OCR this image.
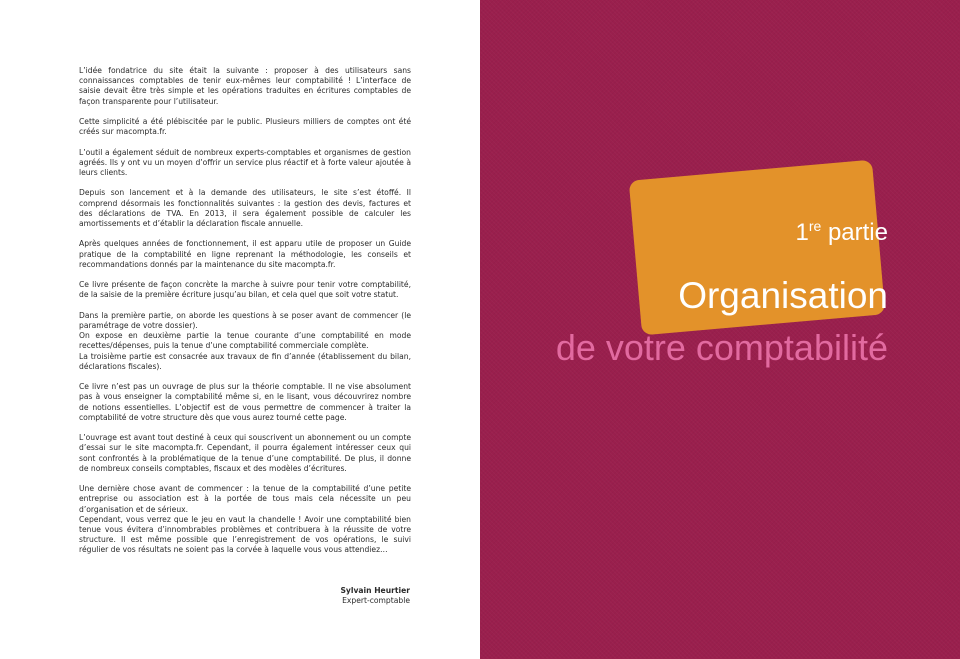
L’idée fondatrice du site était la suivante : proposer à des utilisateurs sans connaissances comptables de tenir eux-mêmes leur comptabilité ! L’interface de saisie devait être très simple et les opérations traduites en écritures comptables de façon transparente pour l’utilisateur.

Cette simplicité a été plébiscitée par le public. Plusieurs milliers de comptes ont été créés sur macompta.fr.

L’outil a également séduit de nombreux experts-comptables et organismes de gestion agréés. Ils y ont vu un moyen d’offrir un service plus réactif et à forte valeur ajoutée à leurs clients.

Depuis son lancement et à la demande des utilisateurs, le site s’est étoffé. Il comprend désormais les fonctionnalités suivantes : la gestion des devis, factures et des déclarations de TVA. En 2013, il sera également possible de calculer les amortissements et d’établir la déclaration fiscale annuelle.

Après quelques années de fonctionnement, il est apparu utile de proposer un Guide pratique de la comptabilité en ligne reprenant la méthodologie, les conseils et recommandations donnés par la maintenance du site macompta.fr.

Ce livre présente de façon concrète la marche à suivre pour tenir votre comptabilité, de la saisie de la première écriture jusqu’au bilan, et cela quel que soit votre statut.

Dans la première partie, on aborde les questions à se poser avant de commencer (le paramétrage de votre dossier).

On expose en deuxième partie la tenue courante d’une comptabilité en mode recettes/dépenses, puis la tenue d’une comptabilité commerciale complète.

La troisième partie est consacrée aux travaux de fin d’année (établissement du bilan, déclarations fiscales).

Ce livre n’est pas un ouvrage de plus sur la théorie comptable. Il ne vise absolument pas à vous enseigner la comptabilité même si, en le lisant, vous découvrirez nombre de notions essentielles. L’objectif est de vous permettre de commencer à traiter la comptabilité de votre structure dès que vous aurez tourné cette page.

L’ouvrage est avant tout destiné à ceux qui souscrivent un abonnement ou un compte d’essai sur le site macompta.fr. Cependant, il pourra également intéresser ceux qui sont confrontés à la problématique de la tenue d’une comptabilité. De plus, il donne de nombreux conseils comptables, fiscaux et des modèles d’écritures.

Une dernière chose avant de commencer : la tenue de la comptabilité d’une petite entreprise ou association est à la portée de tous mais cela nécessite un peu d’organisation et de sérieux.

Cependant, vous verrez que le jeu en vaut la chandelle ! Avoir une comptabilité bien tenue vous évitera d’innombrables problèmes et contribuera à la réussite de votre structure. Il est même possible que l’enregistrement de vos opérations, le suivi régulier de vos résultats ne soient pas la corvée à laquelle vous vous attendiez…

Sylvain Heurtier
Expert-comptable
1re partie
Organisation
de votre comptabilité
